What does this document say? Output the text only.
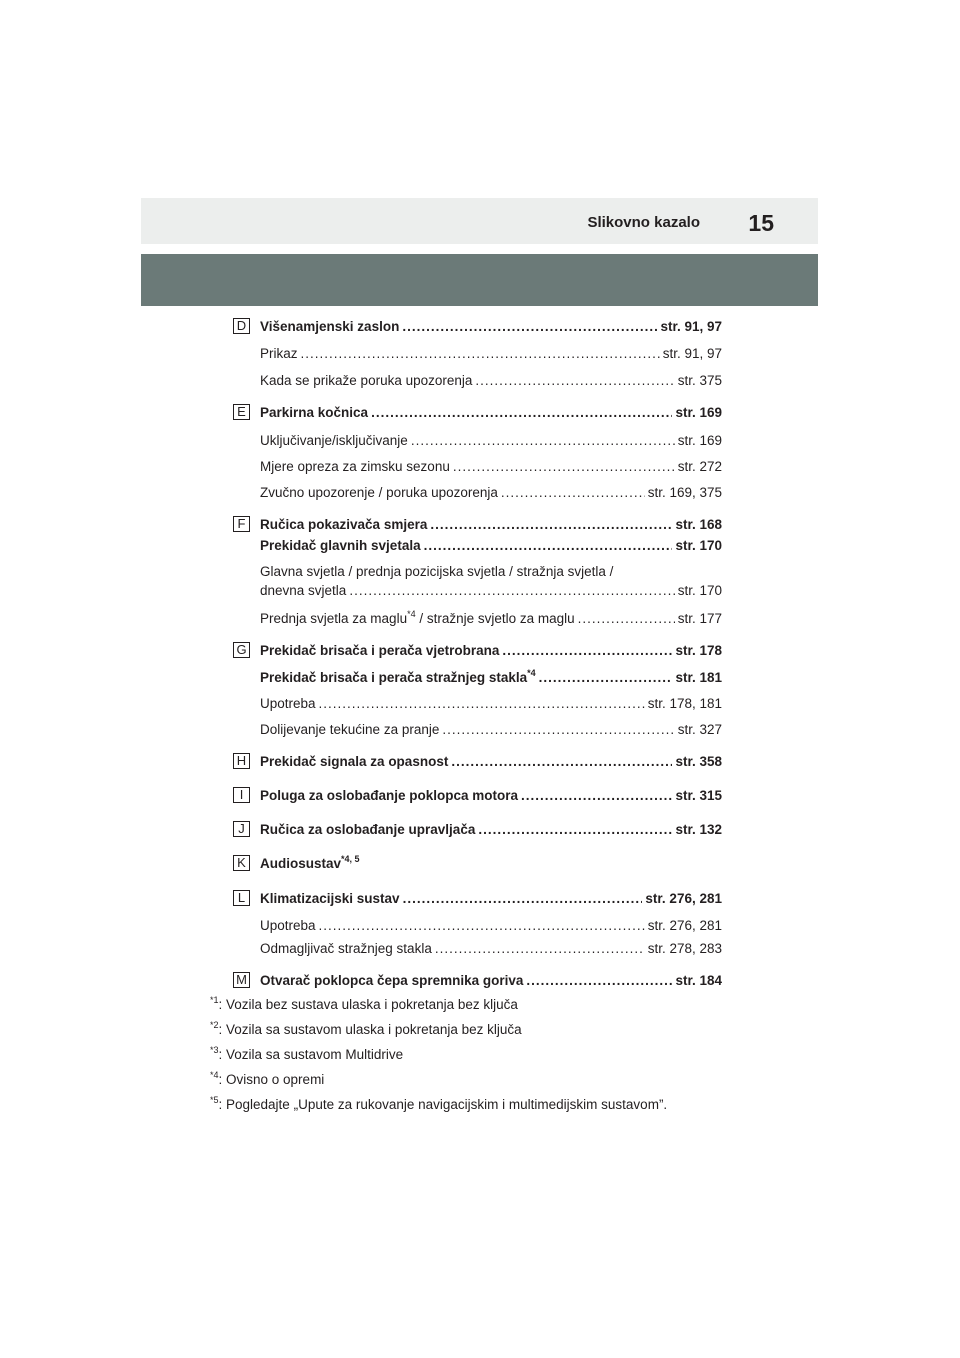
Slikovno kazalo 15
D Višenamjenski zaslon .....	str. 91, 97
Prikaz .....	str. 91, 97
Kada se prikaže poruka upozorenja .....	str. 375
E	Parkirna kočnica .....	str. 169
Uključivanje/isključivanje .....	str. 169
Mjere opreza za zimsku sezonu .....	str. 272
Zvučno upozorenje / poruka upozorenja .....	str. 169, 375
F	Ručica pokazivača smjera .....	str. 168
Prekidač glavnih svjetala .....	str. 170
Glavna svjetla / prednja pozicijska svjetla / stražnja svjetla /
dnevna svjetla .....	str. 170
Prednja svjetla za maglu$^{*4}$ / stražnje svjetlo za maglu .....	str. 177
G Prekidač brisača i perača vjetrobrana .....	str. 178
Prekidač brisača i perača stražnjeg stakla$^{*4}$ .....	str. 181
Upotreba .....	str. 178, 181
Dolijevanje tekućine za pranje .....	str. 327
H Prekidač signala za opasnost .....	str. 358
I	Poluga za oslobađanje poklopca motora .....	str. 315
J	Ručica za oslobađanje upravljača .....	str. 132
K	Audiosustav$^{*4, 5}$
L	Klimatizacijski sustav .....	str. 276, 281
Upotreba .....	str. 276, 281
Odmagljivač stražnjeg stakla .....	str. 278, 283
M Otvarač poklopca čepa spremnika goriva .....	str. 184
$^{*1}$: Vozila bez sustava ulaska i pokretanja bez ključa
$^{*2}$: Vozila sa sustavom ulaska i pokretanja bez ključa
$^{*3}$: Vozila sa sustavom Multidrive
$^{*4}$: Ovisno o opremi
$^{*5}$: Pogledajte „Upute za rukovanje navigacijskim i multimedijskim sustavom”.
